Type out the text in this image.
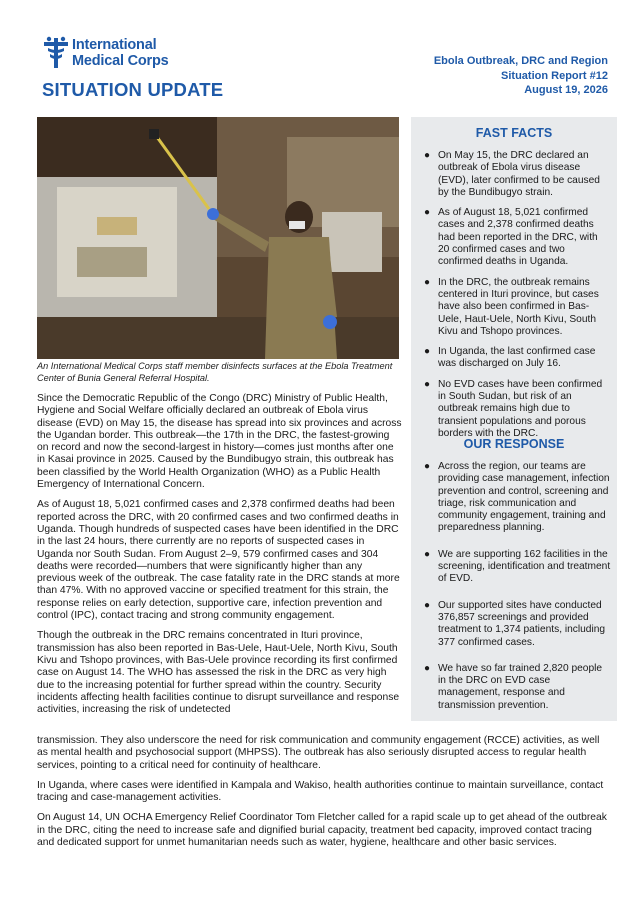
International
Medical Corps
SITUATION UPDATE
Ebola Outbreak, DRC and Region
Situation Report #12
August 19, 2026
An International Medical Corps staff member disinfects surfaces at the Ebola Treatment Center of Bunia General Referral Hospital.
FAST FACTS
● On May 15, the DRC declared an outbreak of Ebola virus disease (EVD), later confirmed to be caused by the Bundibugyo strain.
● As of August 18, 5,021 confirmed cases and 2,378 confirmed deaths had been reported in the DRC, with 20 confirmed cases and two confirmed deaths in Uganda.
● In the DRC, the outbreak remains centered in Ituri province, but cases have also been confirmed in Bas-Uele, Haut-Uele, North Kivu, South Kivu and Tshopo provinces.
● In Uganda, the last confirmed case was discharged on July 16.
● No EVD cases have been confirmed in South Sudan, but risk of an outbreak remains high due to transient populations and porous borders with the DRC.
OUR RESPONSE
● Across the region, our teams are providing case management, infection prevention and control, screening and triage, risk communication and community engagement, training and preparedness planning.
● We are supporting 162 facilities in the screening, identification and treatment of EVD.
● Our supported sites have conducted 376,857 screenings and provided treatment to 1,374 patients, including 377 confirmed cases.
● We have so far trained 2,820 people in the DRC on EVD case management, response and transmission prevention.

Since the Democratic Republic of the Congo (DRC) Ministry of Public Health, Hygiene and Social Welfare officially declared an outbreak of Ebola virus disease (EVD) on May 15, the disease has spread into six provinces and across the Ugandan border. This outbreak—the 17th in the DRC, the fastest-growing on record and now the second-largest in history—comes just months after one in Kasai province in 2025. Caused by the Bundibugyo strain, this outbreak has been classified by the World Health Organization (WHO) as a Public Health Emergency of International Concern.

As of August 18, 5,021 confirmed cases and 2,378 confirmed deaths had been reported across the DRC, with 20 confirmed cases and two confirmed deaths in Uganda. Though hundreds of suspected cases have been identified in the DRC in the last 24 hours, there currently are no reports of suspected cases in Uganda nor South Sudan. From August 2–9, 579 confirmed cases and 304 deaths were recorded—numbers that were significantly higher than any previous week of the outbreak. The case fatality rate in the DRC stands at more than 47%. With no approved vaccine or specified treatment for this strain, the response relies on early detection, supportive care, infection prevention and control (IPC), contact tracing and strong community engagement.

Though the outbreak in the DRC remains concentrated in Ituri province, transmission has also been reported in Bas-Uele, Haut-Uele, North Kivu, South Kivu and Tshopo provinces, with Bas-Uele province recording its first confirmed case on August 14. The WHO has assessed the risk in the DRC as very high due to the increasing potential for further spread within the country. Security incidents affecting health facilities continue to disrupt surveillance and response activities, increasing the risk of undetected

transmission. They also underscore the need for risk communication and community engagement (RCCE) activities, as well as mental health and psychosocial support (MHPSS). The outbreak has also seriously disrupted access to regular health services, pointing to a critical need for continuity of healthcare.

In Uganda, where cases were identified in Kampala and Wakiso, health authorities continue to maintain surveillance, contact tracing and case-management activities.

On August 14, UN OCHA Emergency Relief Coordinator Tom Fletcher called for a rapid scale up to get ahead of the outbreak in the DRC, citing the need to increase safe and dignified burial capacity, treatment bed capacity, improved contact tracing and dedicated support for unmet humanitarian needs such as water, hygiene, healthcare and other basic services.
